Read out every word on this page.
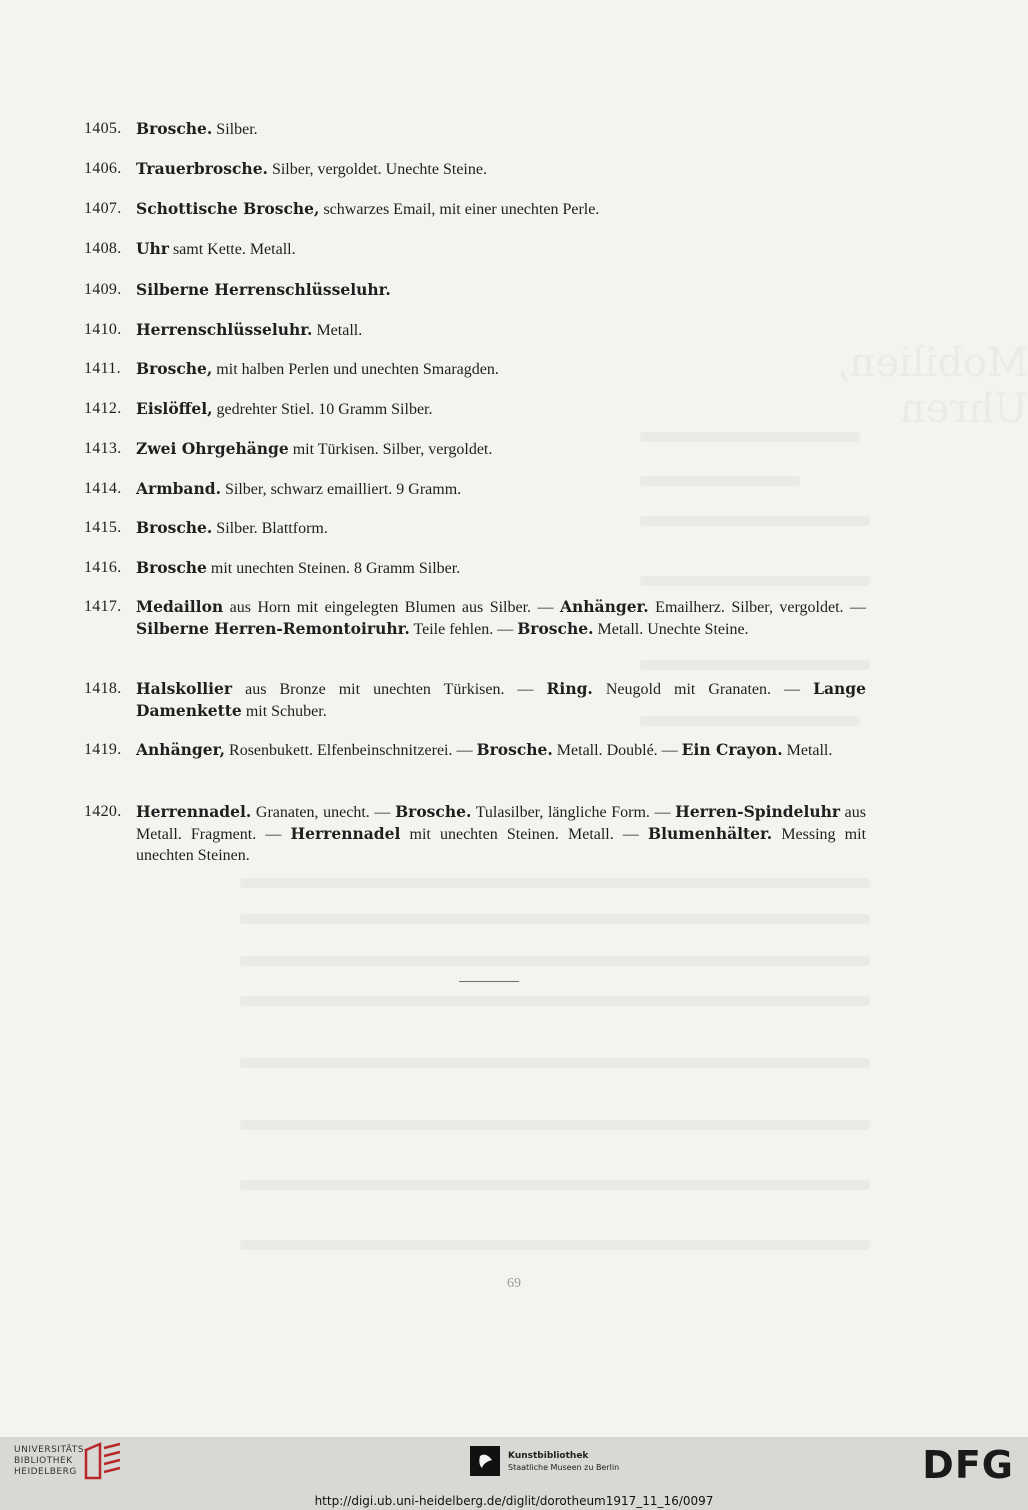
1405. Brosche. Silber.
1406. Trauerbrosche. Silber, vergoldet. Unechte Steine.
1407. Schottische Brosche, schwarzes Email, mit einer unechten Perle.
1408. Uhr samt Kette. Metall.
1409. Silberne Herrenschlüsseluhr.
1410. Herrenschlüsseluhr. Metall.
1411. Brosche, mit halben Perlen und unechten Smaragden.
1412. Eislöffel, gedrehter Stiel. 10 Gramm Silber.
1413. Zwei Ohrgehänge mit Türkisen. Silber, vergoldet.
1414. Armband. Silber, schwarz emailliert. 9 Gramm.
1415. Brosche. Silber. Blattform.
1416. Brosche mit unechten Steinen. 8 Gramm Silber.
1417. Medaillon aus Horn mit eingelegten Blumen aus Silber. — Anhänger. Emailherz. Silber, vergoldet. — Silberne Herren-Remontoiruhr. Teile fehlen. — Brosche. Metall. Unechte Steine.
1418. Halskollier aus Bronze mit unechten Türkisen. — Ring. Neugold mit Granaten. — Lange Damenkette mit Schuber.
1419. Anhänger, Rosenbukett. Elfenbeinschnitzerei. — Brosche. Metall. Doublé. — Ein Crayon. Metall.
1420. Herrennadel. Granaten, unecht. — Brosche. Tulasilber, längliche Form. — Herren-Spindeluhr aus Metall. Fragment. — Herrennadel mit unechten Steinen. Metall. — Blumenhälter. Messing mit unechten Steinen.
69
UNIVERSITÄTS-
BIBLIOTHEK
HEIDELBERG
Kunstbibliothek
Staatliche Museen zu Berlin	DFG
http://digi.ub.uni-heidelberg.de/diglit/dorotheum1917_11_16/0097
